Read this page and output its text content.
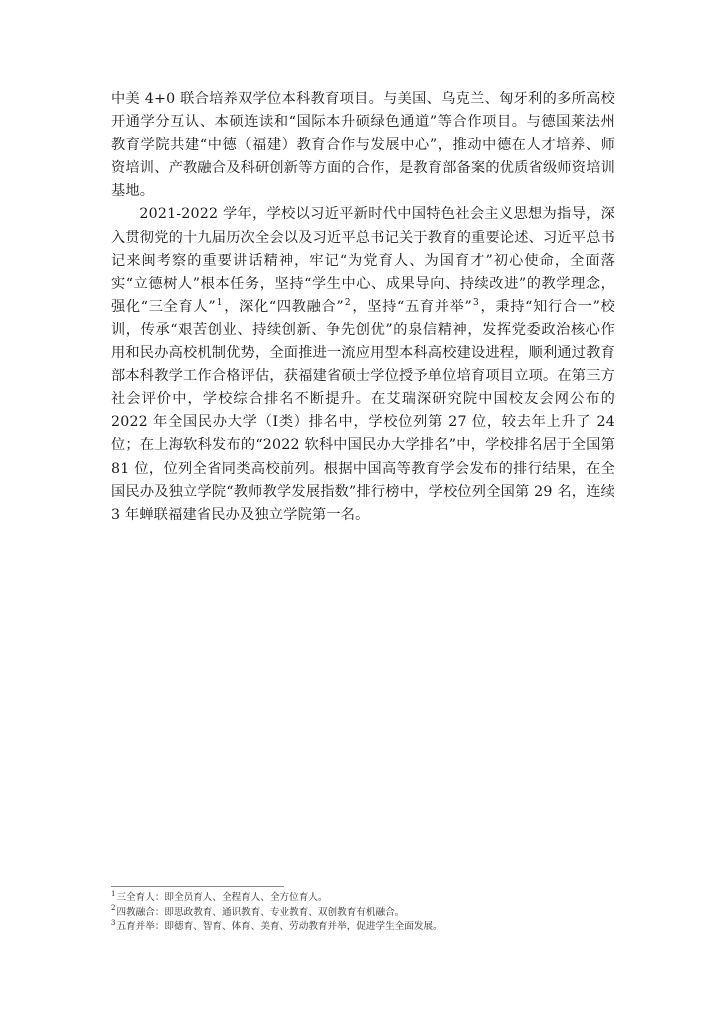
中美 4+0 联合培养双学位本科教育项目。与美国、乌克兰、匈牙利的多所高校开通学分互认、本硕连读和“国际本升硕绿色通道”等合作项目。与德国莱法州教育学院共建“中德（福建）教育合作与发展中心”，推动中德在人才培养、师资培训、产教融合及科研创新等方面的合作，是教育部备案的优质省级师资培训基地。

2021-2022 学年，学校以习近平新时代中国特色社会主义思想为指导，深入贯彻党的十九届历次全会以及习近平总书记关于教育的重要论述、习近平总书记来闽考察的重要讲话精神，牢记“为党育人、为国育才”初心使命，全面落实“立德树人”根本任务，坚持“学生中心、成果导向、持续改进”的教学理念，强化“三全育人”$^1$，深化“四教融合”$^2$，坚持“五育并举”$^3$，秉持“知行合一”校训，传承“艰苦创业、持续创新、争先创优”的泉信精神，发挥党委政治核心作用和民办高校机制优势，全面推进一流应用型本科高校建设进程，顺利通过教育部本科教学工作合格评估，获福建省硕士学位授予单位培育项目立项。在第三方社会评价中，学校综合排名不断提升。在艾瑞深研究院中国校友会网公布的 2022 年全国民办大学（Ⅰ类）排名中，学校位列第 27 位，较去年上升了 24 位；在上海软科发布的“2022 软科中国民办大学排名”中，学校排名居于全国第 81 位，位列全省同类高校前列。根据中国高等教育学会发布的排行结果，在全国民办及独立学院“教师教学发展指数”排行榜中，学校位列全国第 29 名，连续 3 年蝉联福建省民办及独立学院第一名。

$^1$三全育人：即全员育人、全程育人、全方位育人。

$^2$四教融合：即思政教育、通识教育、专业教育、双创教育有机融合。

$^3$五育并举：即德育、智育、体育、美育、劳动教育并举，促进学生全面发展。
